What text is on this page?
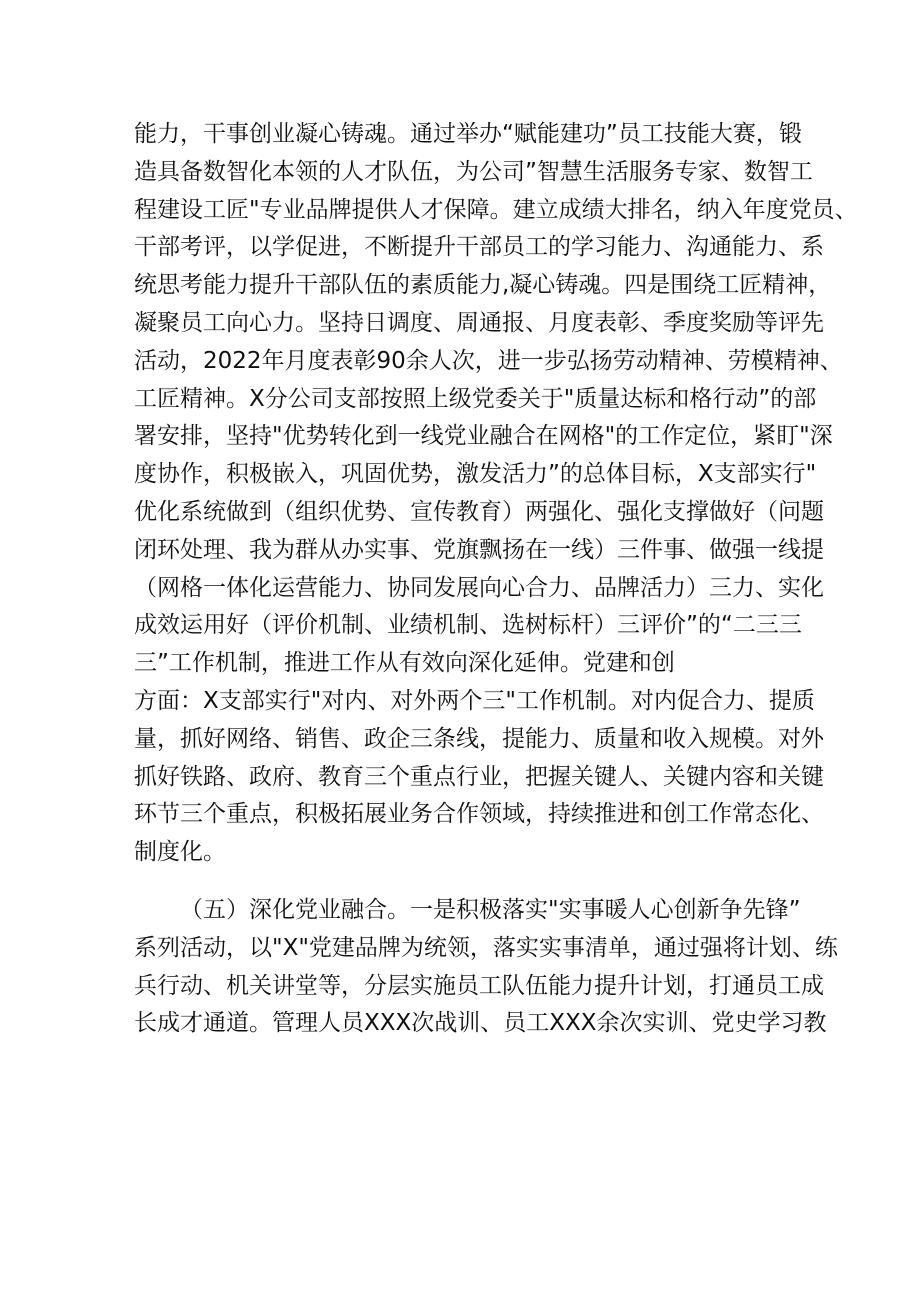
能力，干事创业凝心铸魂。通过举办“赋能建功”员工技能大赛，锻
造具备数智化本领的人才队伍，为公司”智慧生活服务专家、数智工
程建设工匠"专业品牌提供人才保障。建立成绩大排名，纳入年度党员、
干部考评，以学促进，不断提升干部员工的学习能力、沟通能力、系
统思考能力提升干部队伍的素质能力,凝心铸魂。四是围绕工匠精神，
凝聚员工向心力。坚持日调度、周通报、月度表彰、季度奖励等评先
活动，2022年月度表彰90余人次，进一步弘扬劳动精神、劳模精神、
工匠精神。X分公司支部按照上级党委关于"质量达标和格行动”的部
署安排，坚持"优势转化到一线党业融合在网格"的工作定位，紧盯"深
度协作，积极嵌入，巩固优势，激发活力”的总体目标，X支部实行"
优化系统做到（组织优势、宣传教育）两强化、强化支撑做好（问题
闭环处理、我为群从办实事、党旗飘扬在一线）三件事、做强一线提
（网格一体化运营能力、协同发展向心合力、品牌活力）三力、实化
成效运用好（评价机制、业绩机制、选树标杆）三评价”的“二三三
三”工作机制，推进工作从有效向深化延伸。党建和创
方面：X支部实行"对内、对外两个三"工作机制。对内促合力、提质
量，抓好网络、销售、政企三条线，提能力、质量和收入规模。对外
抓好铁路、政府、教育三个重点行业，把握关键人、关键内容和关键
环节三个重点，积极拓展业务合作领域，持续推进和创工作常态化、
制度化。
（五）深化党业融合。一是积极落实"实事暖人心创新争先锋”
系列活动，以"X"党建品牌为统领，落实实事清单，通过强将计划、练
兵行动、机关讲堂等，分层实施员工队伍能力提升计划，打通员工成
长成才通道。管理人员XXX次战训、员工XXX余次实训、党史学习教
